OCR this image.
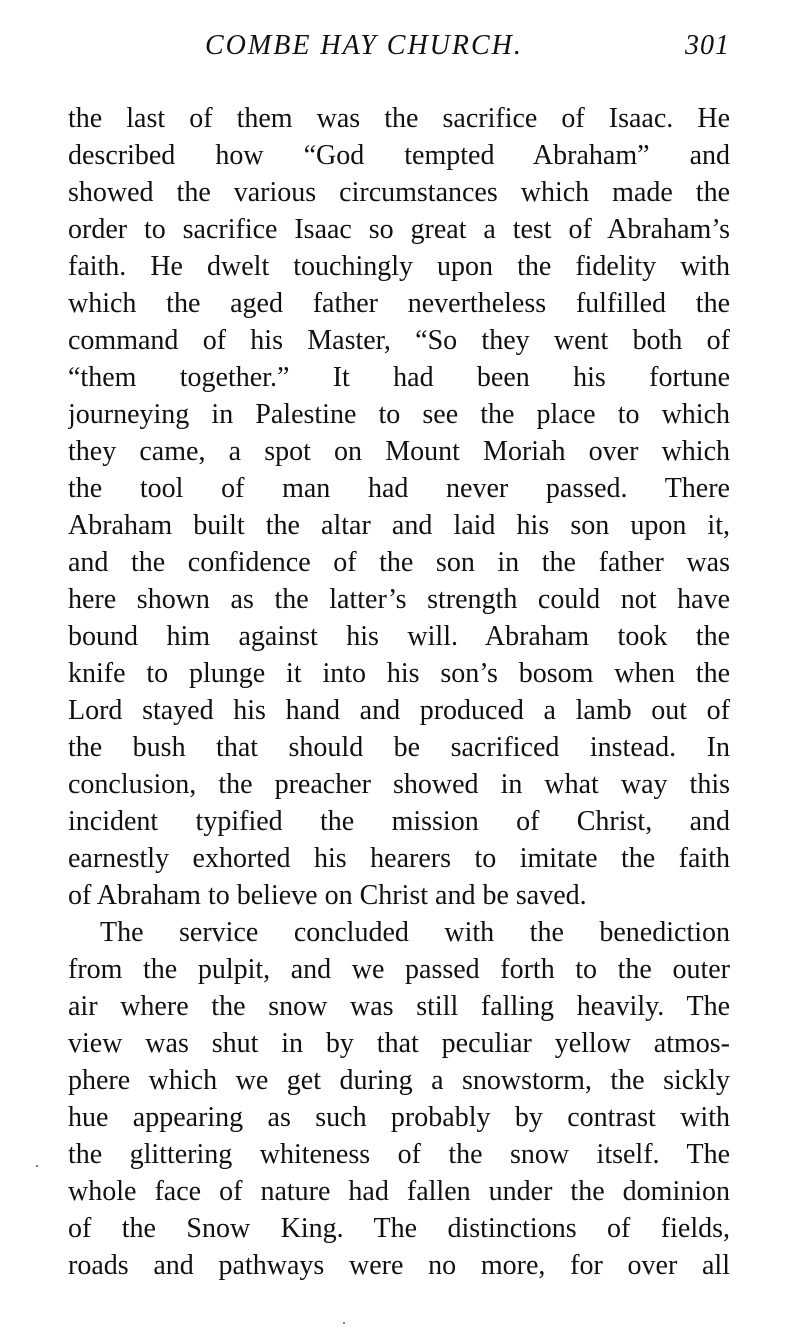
COMBE HAY CHURCH.	301
the last of them was the sacrifice of Isaac. He
described how “God tempted Abraham” and
showed the various circumstances which made the
order to sacrifice Isaac so great a test of Abraham’s
faith. He dwelt touchingly upon the fidelity with
which the aged father nevertheless fulfilled the
command of his Master, “So they went both of
“them together.” It had been his fortune
journeying in Palestine to see the place to which
they came, a spot on Mount Moriah over which
the tool of man had never passed. There
Abraham built the altar and laid his son upon it,
and the confidence of the son in the father was
here shown as the latter’s strength could not have
bound him against his will. Abraham took the
knife to plunge it into his son’s bosom when the
Lord stayed his hand and produced a lamb out of
the bush that should be sacrificed instead. In
conclusion, the preacher showed in what way this
incident typified the mission of Christ, and
earnestly exhorted his hearers to imitate the faith
of Abraham to believe on Christ and be saved.
The service concluded with the benediction
from the pulpit, and we passed forth to the outer
air where the snow was still falling heavily. The
view was shut in by that peculiar yellow atmos-
phere which we get during a snowstorm, the sickly
hue appearing as such probably by contrast with
the glittering whiteness of the snow itself. The
whole face of nature had fallen under the dominion
of the Snow King. The distinctions of fields,
roads and pathways were no more, for over all
